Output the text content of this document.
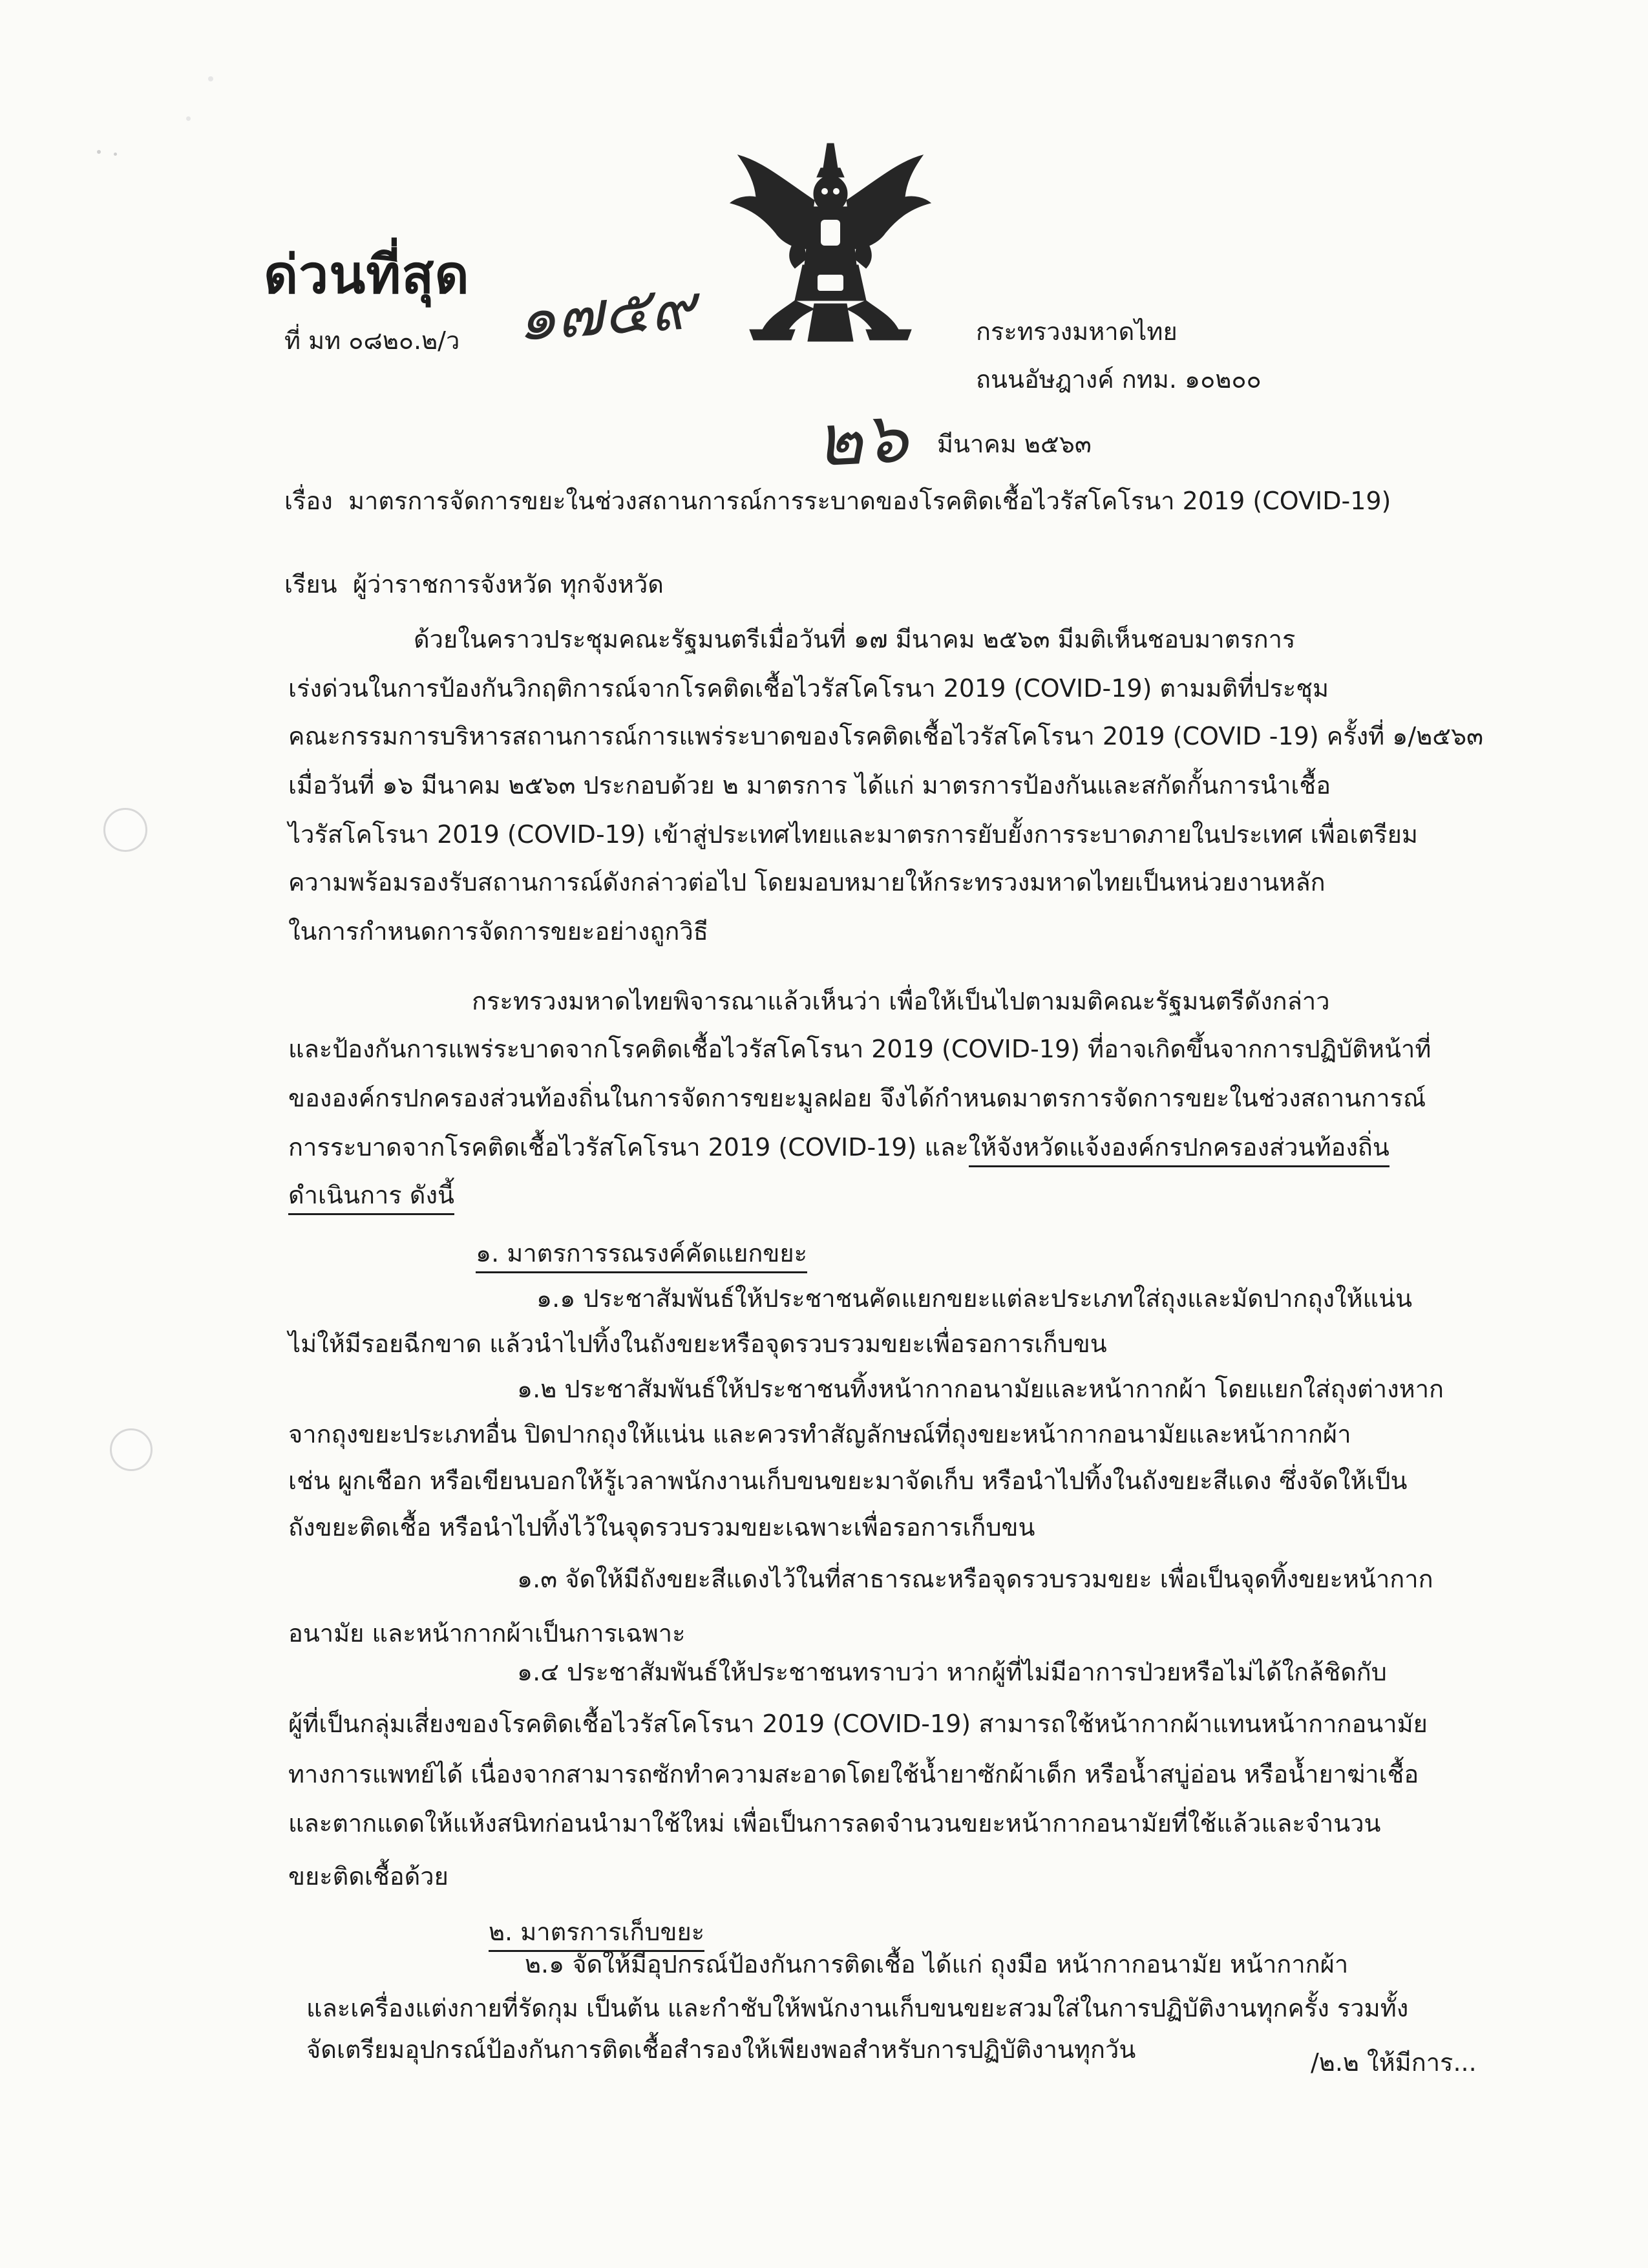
ด่วนที่สุด ๑๗๕๙
ที่ มท ๐๘๒๐.๒/ว	กระทรวงมหาดไทย
ถนนอัษฎางค์ กทม. ๑๐๒๐๐
๒๖ มีนาคม ๒๕๖๓
เรื่อง มาตรการจัดการขยะในช่วงสถานการณ์การระบาดของโรคติดเชื้อไวรัสโคโรนา 2019 (COVID-19)
เรียน ผู้ว่าราชการจังหวัด ทุกจังหวัด
ด้วยในคราวประชุมคณะรัฐมนตรีเมื่อวันที่ ๑๗ มีนาคม ๒๕๖๓ มีมติเห็นชอบมาตรการ
เร่งด่วนในการป้องกันวิกฤติการณ์จากโรคติดเชื้อไวรัสโคโรนา 2019 (COVID-19) ตามมติที่ประชุม
คณะกรรมการบริหารสถานการณ์การแพร่ระบาดของโรคติดเชื้อไวรัสโคโรนา 2019 (COVID -19) ครั้งที่ ๑/๒๕๖๓
เมื่อวันที่ ๑๖ มีนาคม ๒๕๖๓ ประกอบด้วย ๒ มาตรการ ได้แก่ มาตรการป้องกันและสกัดกั้นการนำเชื้อ
ไวรัสโคโรนา 2019 (COVID-19) เข้าสู่ประเทศไทยและมาตรการยับยั้งการระบาดภายในประเทศ เพื่อเตรียม
ความพร้อมรองรับสถานการณ์ดังกล่าวต่อไป โดยมอบหมายให้กระทรวงมหาดไทยเป็นหน่วยงานหลัก
ในการกำหนดการจัดการขยะอย่างถูกวิธี
กระทรวงมหาดไทยพิจารณาแล้วเห็นว่า เพื่อให้เป็นไปตามมติคณะรัฐมนตรีดังกล่าว
และป้องกันการแพร่ระบาดจากโรคติดเชื้อไวรัสโคโรนา 2019 (COVID-19) ที่อาจเกิดขึ้นจากการปฏิบัติหน้าที่
ขององค์กรปกครองส่วนท้องถิ่นในการจัดการขยะมูลฝอย จึงได้กำหนดมาตรการจัดการขยะในช่วงสถานการณ์
การระบาดจากโรคติดเชื้อไวรัสโคโรนา 2019 (COVID-19) และให้จังหวัดแจ้งองค์กรปกครองส่วนท้องถิ่น
ดำเนินการ ดังนี้
๑. มาตรการรณรงค์คัดแยกขยะ
๑.๑ ประชาสัมพันธ์ให้ประชาชนคัดแยกขยะแต่ละประเภทใส่ถุงและมัดปากถุงให้แน่น
ไม่ให้มีรอยฉีกขาด แล้วนำไปทิ้งในถังขยะหรือจุดรวบรวมขยะเพื่อรอการเก็บขน
๑.๒ ประชาสัมพันธ์ให้ประชาชนทิ้งหน้ากากอนามัยและหน้ากากผ้า โดยแยกใส่ถุงต่างหาก
จากถุงขยะประเภทอื่น ปิดปากถุงให้แน่น และควรทำสัญลักษณ์ที่ถุงขยะหน้ากากอนามัยและหน้ากากผ้า
เช่น ผูกเชือก หรือเขียนบอกให้รู้เวลาพนักงานเก็บขนขยะมาจัดเก็บ หรือนำไปทิ้งในถังขยะสีแดง ซึ่งจัดให้เป็น
ถังขยะติดเชื้อ หรือนำไปทิ้งไว้ในจุดรวบรวมขยะเฉพาะเพื่อรอการเก็บขน
๑.๓ จัดให้มีถังขยะสีแดงไว้ในที่สาธารณะหรือจุดรวบรวมขยะ เพื่อเป็นจุดทิ้งขยะหน้ากาก
อนามัย และหน้ากากผ้าเป็นการเฉพาะ
๑.๔ ประชาสัมพันธ์ให้ประชาชนทราบว่า หากผู้ที่ไม่มีอาการป่วยหรือไม่ได้ใกล้ชิดกับ
ผู้ที่เป็นกลุ่มเสี่ยงของโรคติดเชื้อไวรัสโคโรนา 2019 (COVID-19) สามารถใช้หน้ากากผ้าแทนหน้ากากอนามัย
ทางการแพทย์ได้ เนื่องจากสามารถซักทำความสะอาดโดยใช้น้ำยาซักผ้าเด็ก หรือน้ำสบู่อ่อน หรือน้ำยาฆ่าเชื้อ
และตากแดดให้แห้งสนิทก่อนนำมาใช้ใหม่ เพื่อเป็นการลดจำนวนขยะหน้ากากอนามัยที่ใช้แล้วและจำนวน
ขยะติดเชื้อด้วย
๒. มาตรการเก็บขยะ
๒.๑ จัดให้มีอุปกรณ์ป้องกันการติดเชื้อ ได้แก่ ถุงมือ หน้ากากอนามัย หน้ากากผ้า
และเครื่องแต่งกายที่รัดกุม เป็นต้น และกำชับให้พนักงานเก็บขนขยะสวมใส่ในการปฏิบัติงานทุกครั้ง รวมทั้ง
จัดเตรียมอุปกรณ์ป้องกันการติดเชื้อสำรองให้เพียงพอสำหรับการปฏิบัติงานทุกวัน	/๒.๒ ให้มีการ...
